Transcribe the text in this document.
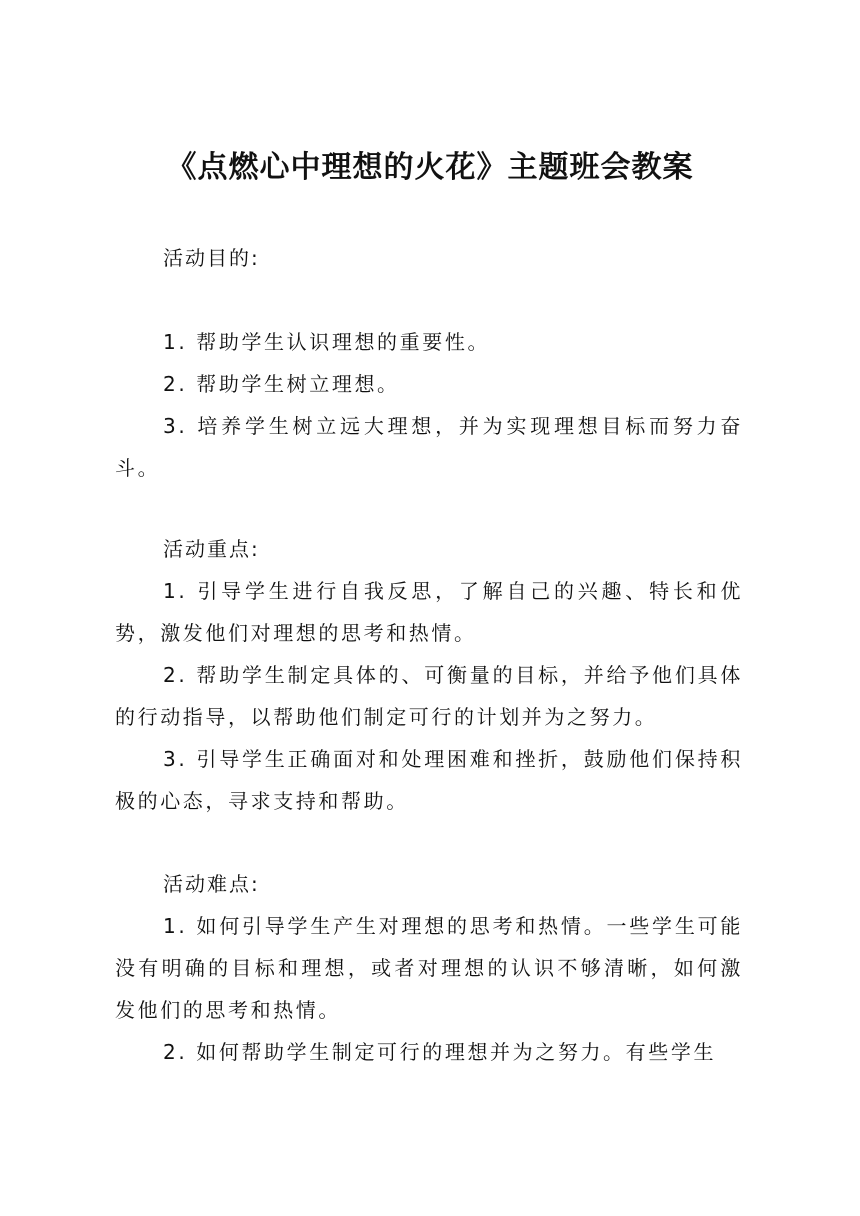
《点燃心中理想的火花》主题班会教案

活动目的:

1. 帮助学生认识理想的重要性。

2. 帮助学生树立理想。

3. 培养学生树立远大理想，并为实现理想目标而努力奋斗。

活动重点:

1. 引导学生进行自我反思，了解自己的兴趣、特长和优势，激发他们对理想的思考和热情。

2. 帮助学生制定具体的、可衡量的目标，并给予他们具体的行动指导，以帮助他们制定可行的计划并为之努力。

3. 引导学生正确面对和处理困难和挫折，鼓励他们保持积极的心态，寻求支持和帮助。

活动难点:

1. 如何引导学生产生对理想的思考和热情。一些学生可能没有明确的目标和理想，或者对理想的认识不够清晰，如何激发他们的思考和热情。

2. 如何帮助学生制定可行的理想并为之努力。有些学生
